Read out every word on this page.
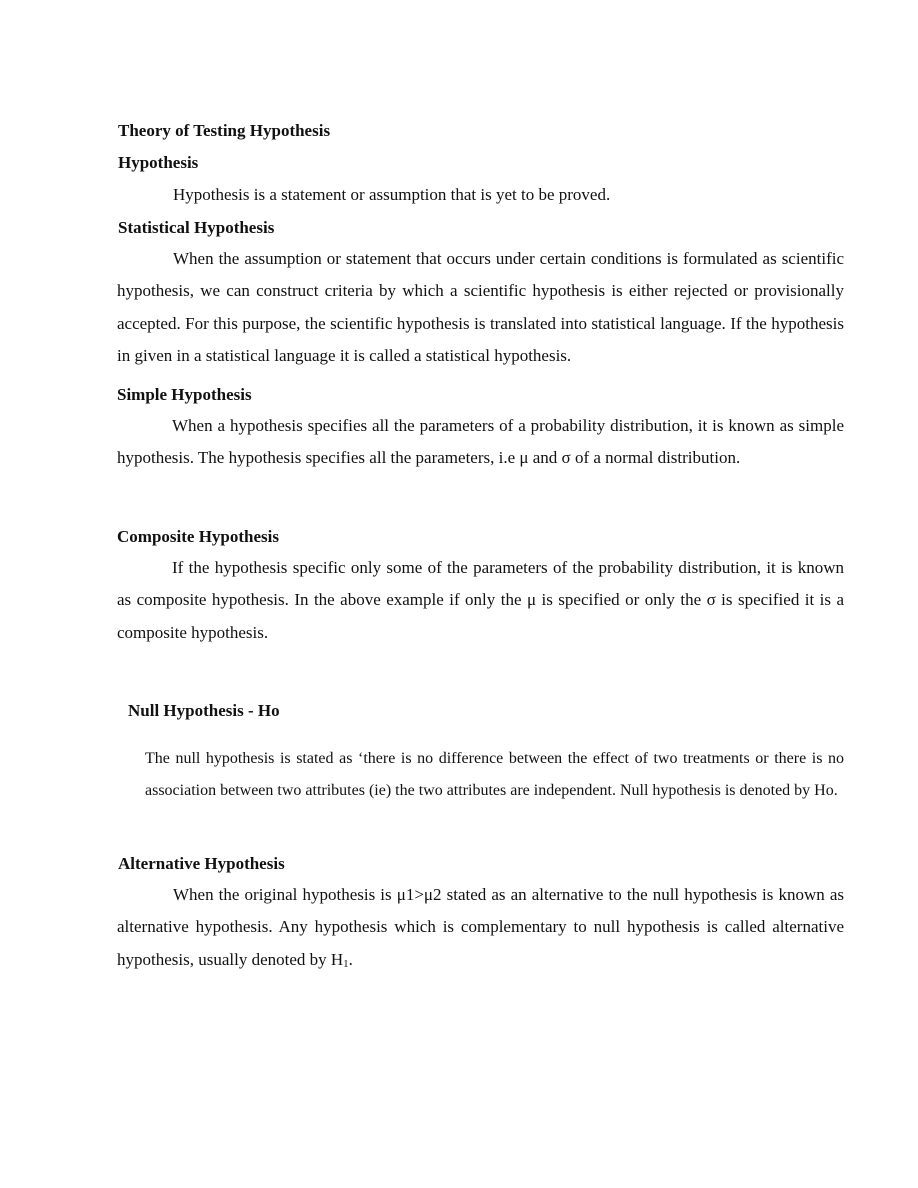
Theory of Testing Hypothesis
Hypothesis
Hypothesis is a statement or assumption that is yet to be proved.
Statistical Hypothesis
When the assumption or statement that occurs under certain conditions is formulated as scientific hypothesis, we can construct criteria by which a scientific hypothesis is either rejected or provisionally accepted. For this purpose, the scientific hypothesis is translated into statistical language. If the hypothesis in given in a statistical language it is called a statistical hypothesis.
Simple Hypothesis
When a hypothesis specifies all the parameters of a probability distribution, it is known as simple hypothesis. The hypothesis specifies all the parameters, i.e μ and σ of a normal distribution.
Composite Hypothesis
If the hypothesis specific only some of the parameters of the probability distribution, it is known as composite hypothesis. In the above example if only the μ is specified or only the σ is specified it is a composite hypothesis.
Null Hypothesis - Ho
The null hypothesis is stated as ‘there is no difference between the effect of two treatments or there is no association between two attributes (ie) the two attributes are independent. Null hypothesis is denoted by Ho.
Alternative Hypothesis
When the original hypothesis is μ1>μ2 stated as an alternative to the null hypothesis is known as alternative hypothesis. Any hypothesis which is complementary to null hypothesis is called alternative hypothesis, usually denoted by $H_1$.
